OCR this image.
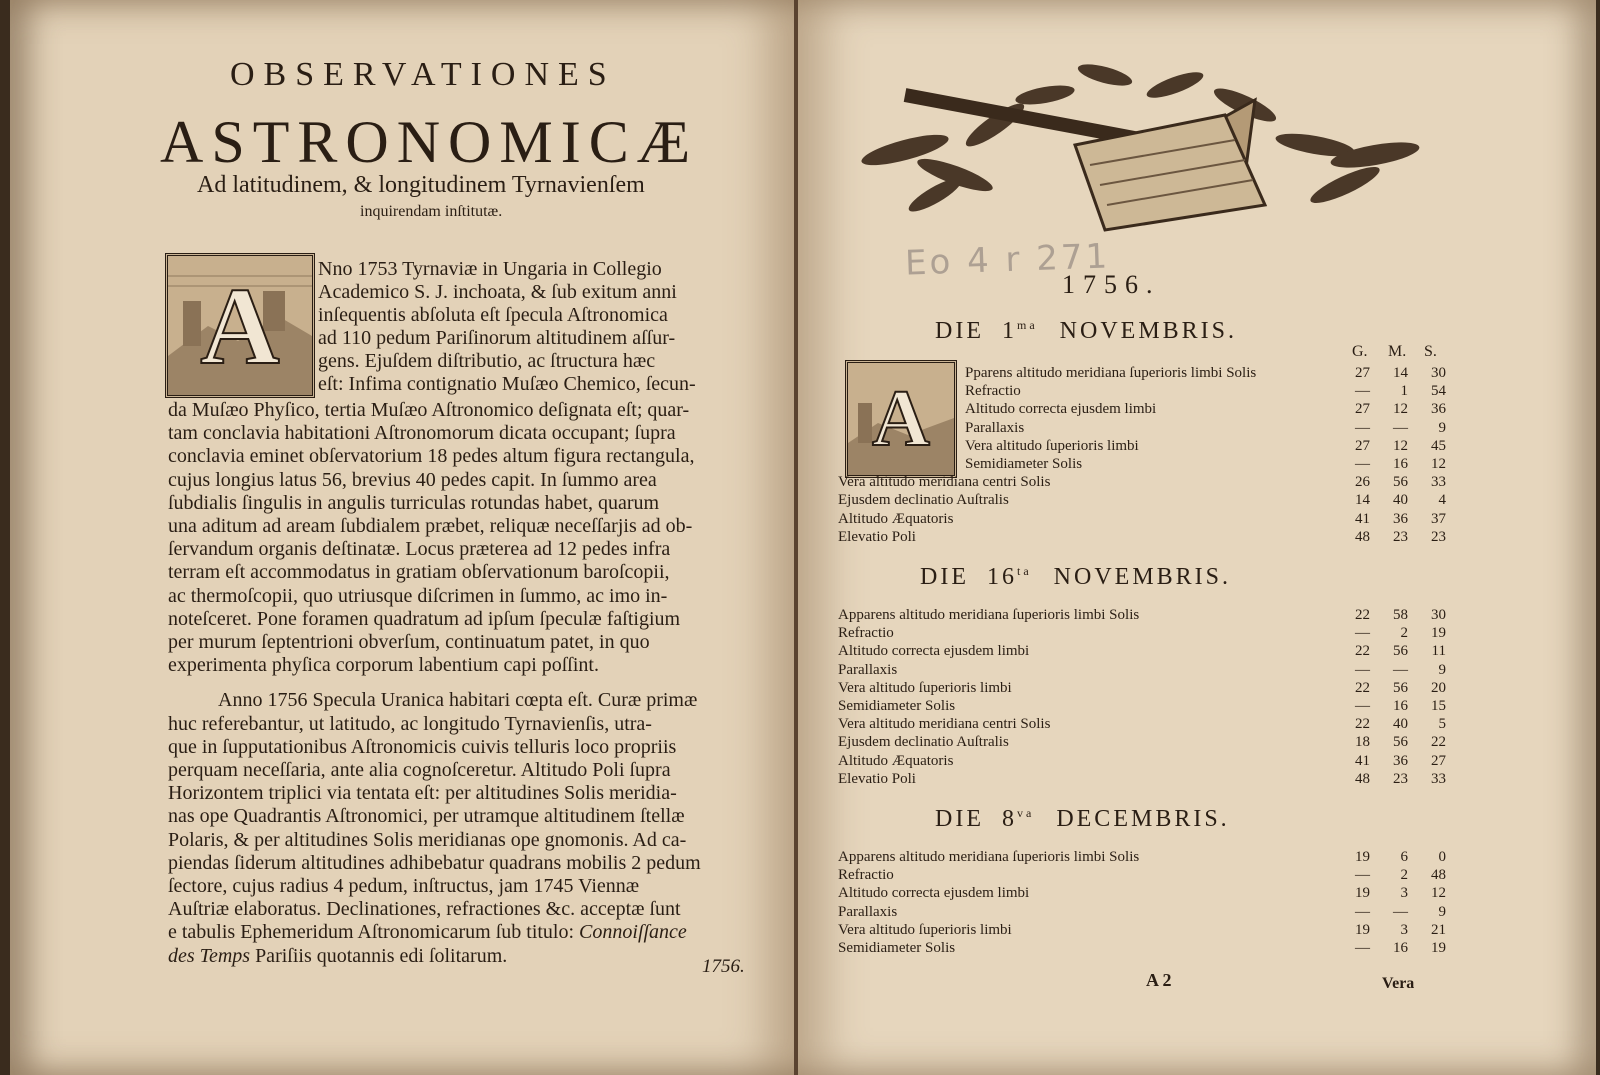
OBSERVATIONES
ASTRONOMICÆ
Ad latitudinem, & longitudinem Tyrnavienſem
inquirendam inſtitutæ.
A Nno 1753 Tyrnaviæ in Ungaria in Collegio
Academico S. J. inchoata, & ſub exitum anni
inſequentis abſoluta eſt ſpecula Aſtronomica
ad 110 pedum Pariſinorum altitudinem aſſur-
gens. Ejuſdem diſtributio, ac ſtructura hæc
eſt: Infima contignatio Muſæo Chemico, ſecun-
da Muſæo Phyſico, tertia Muſæo Aſtronomico deſignata eſt; quar-
tam conclavia habitationi Aſtronomorum dicata occupant; ſupra
conclavia eminet obſervatorium 18 pedes altum figura rectangula,
cujus longius latus 56, brevius 40 pedes capit. In ſummo area
ſubdialis ſingulis in angulis turriculas rotundas habet, quarum
una aditum ad aream ſubdialem præbet, reliquæ neceſſarjis ad ob-
ſervandum organis deſtinatæ. Locus præterea ad 12 pedes infra
terram eſt accommodatus in gratiam obſervationum baroſcopii,
ac thermoſcopii, quo utriusque diſcrimen in ſummo, ac imo in-
noteſceret. Pone foramen quadratum ad ipſum ſpeculæ faſtigium
per murum ſeptentrioni obverſum, continuatum patet, in quo
experimenta phyſica corporum labentium capi poſſint.
Anno 1756 Specula Uranica habitari cœpta eſt. Curæ primæ
huc referebantur, ut latitudo, ac longitudo Tyrnavienſis, utra-
que in ſupputationibus Aſtronomicis cuivis telluris loco propriis
perquam neceſſaria, ante alia cognoſceretur. Altitudo Poli ſupra
Horizontem triplici via tentata eſt: per altitudines Solis meridia-
nas ope Quadrantis Aſtronomici, per utramque altitudinem ſtellæ
Polaris, & per altitudines Solis meridianas ope gnomonis. Ad ca-
piendas ſiderum altitudines adhibebatur quadrans mobilis 2 pedum
ſectore, cujus radius 4 pedum, inſtructus, jam 1745 Viennæ
Auſtriæ elaboratus. Declinationes, refractiones &c. acceptæ ſunt
e tabulis Ephemeridum Aſtronomicarum ſub titulo: Connoiſſance
des Temps Pariſiis quotannis edi ſolitarum.	1756.
Eo 4 r 271
1756.
A
G. M. S.
DIE $1^{ma}$ NOVEMBRIS.
Pparens altitudo meridiana ſuperioris limbi Solis	27	14	30
Refractio	—	1	54
Altitudo correcta ejusdem limbi	27	12	36
Parallaxis	—	—	9
Vera altitudo ſuperioris limbi	27	12	45
Semidiameter Solis	—	16	12
Vera altitudo meridiana centri Solis	26	56	33
Ejusdem declinatio Auſtralis	14	40	4
Altitudo Æquatoris	41	36	37
Elevatio Poli	48	23	23
DIE $16^{ta}$ NOVEMBRIS.
Apparens altitudo meridiana ſuperioris limbi Solis	22	58	30
Refractio	—	2	19
Altitudo correcta ejusdem limbi	22	56	11
Parallaxis	—	—	9
Vera altitudo ſuperioris limbi	22	56	20
Semidiameter Solis	—	16	15
Vera altitudo meridiana centri Solis	22	40	5
Ejusdem declinatio Auſtralis	18	56	22
Altitudo Æquatoris	41	36	27
Elevatio Poli	48	23	33
DIE $8^{va}$ DECEMBRIS.
Apparens altitudo meridiana ſuperioris limbi Solis	19	6	0
Refractio	—	2	48
Altitudo correcta ejusdem limbi	19	3	12
Parallaxis	—	—	9
Vera altitudo ſuperioris limbi	19	3	21
Semidiameter Solis	—	16	19
A 2	Vera
